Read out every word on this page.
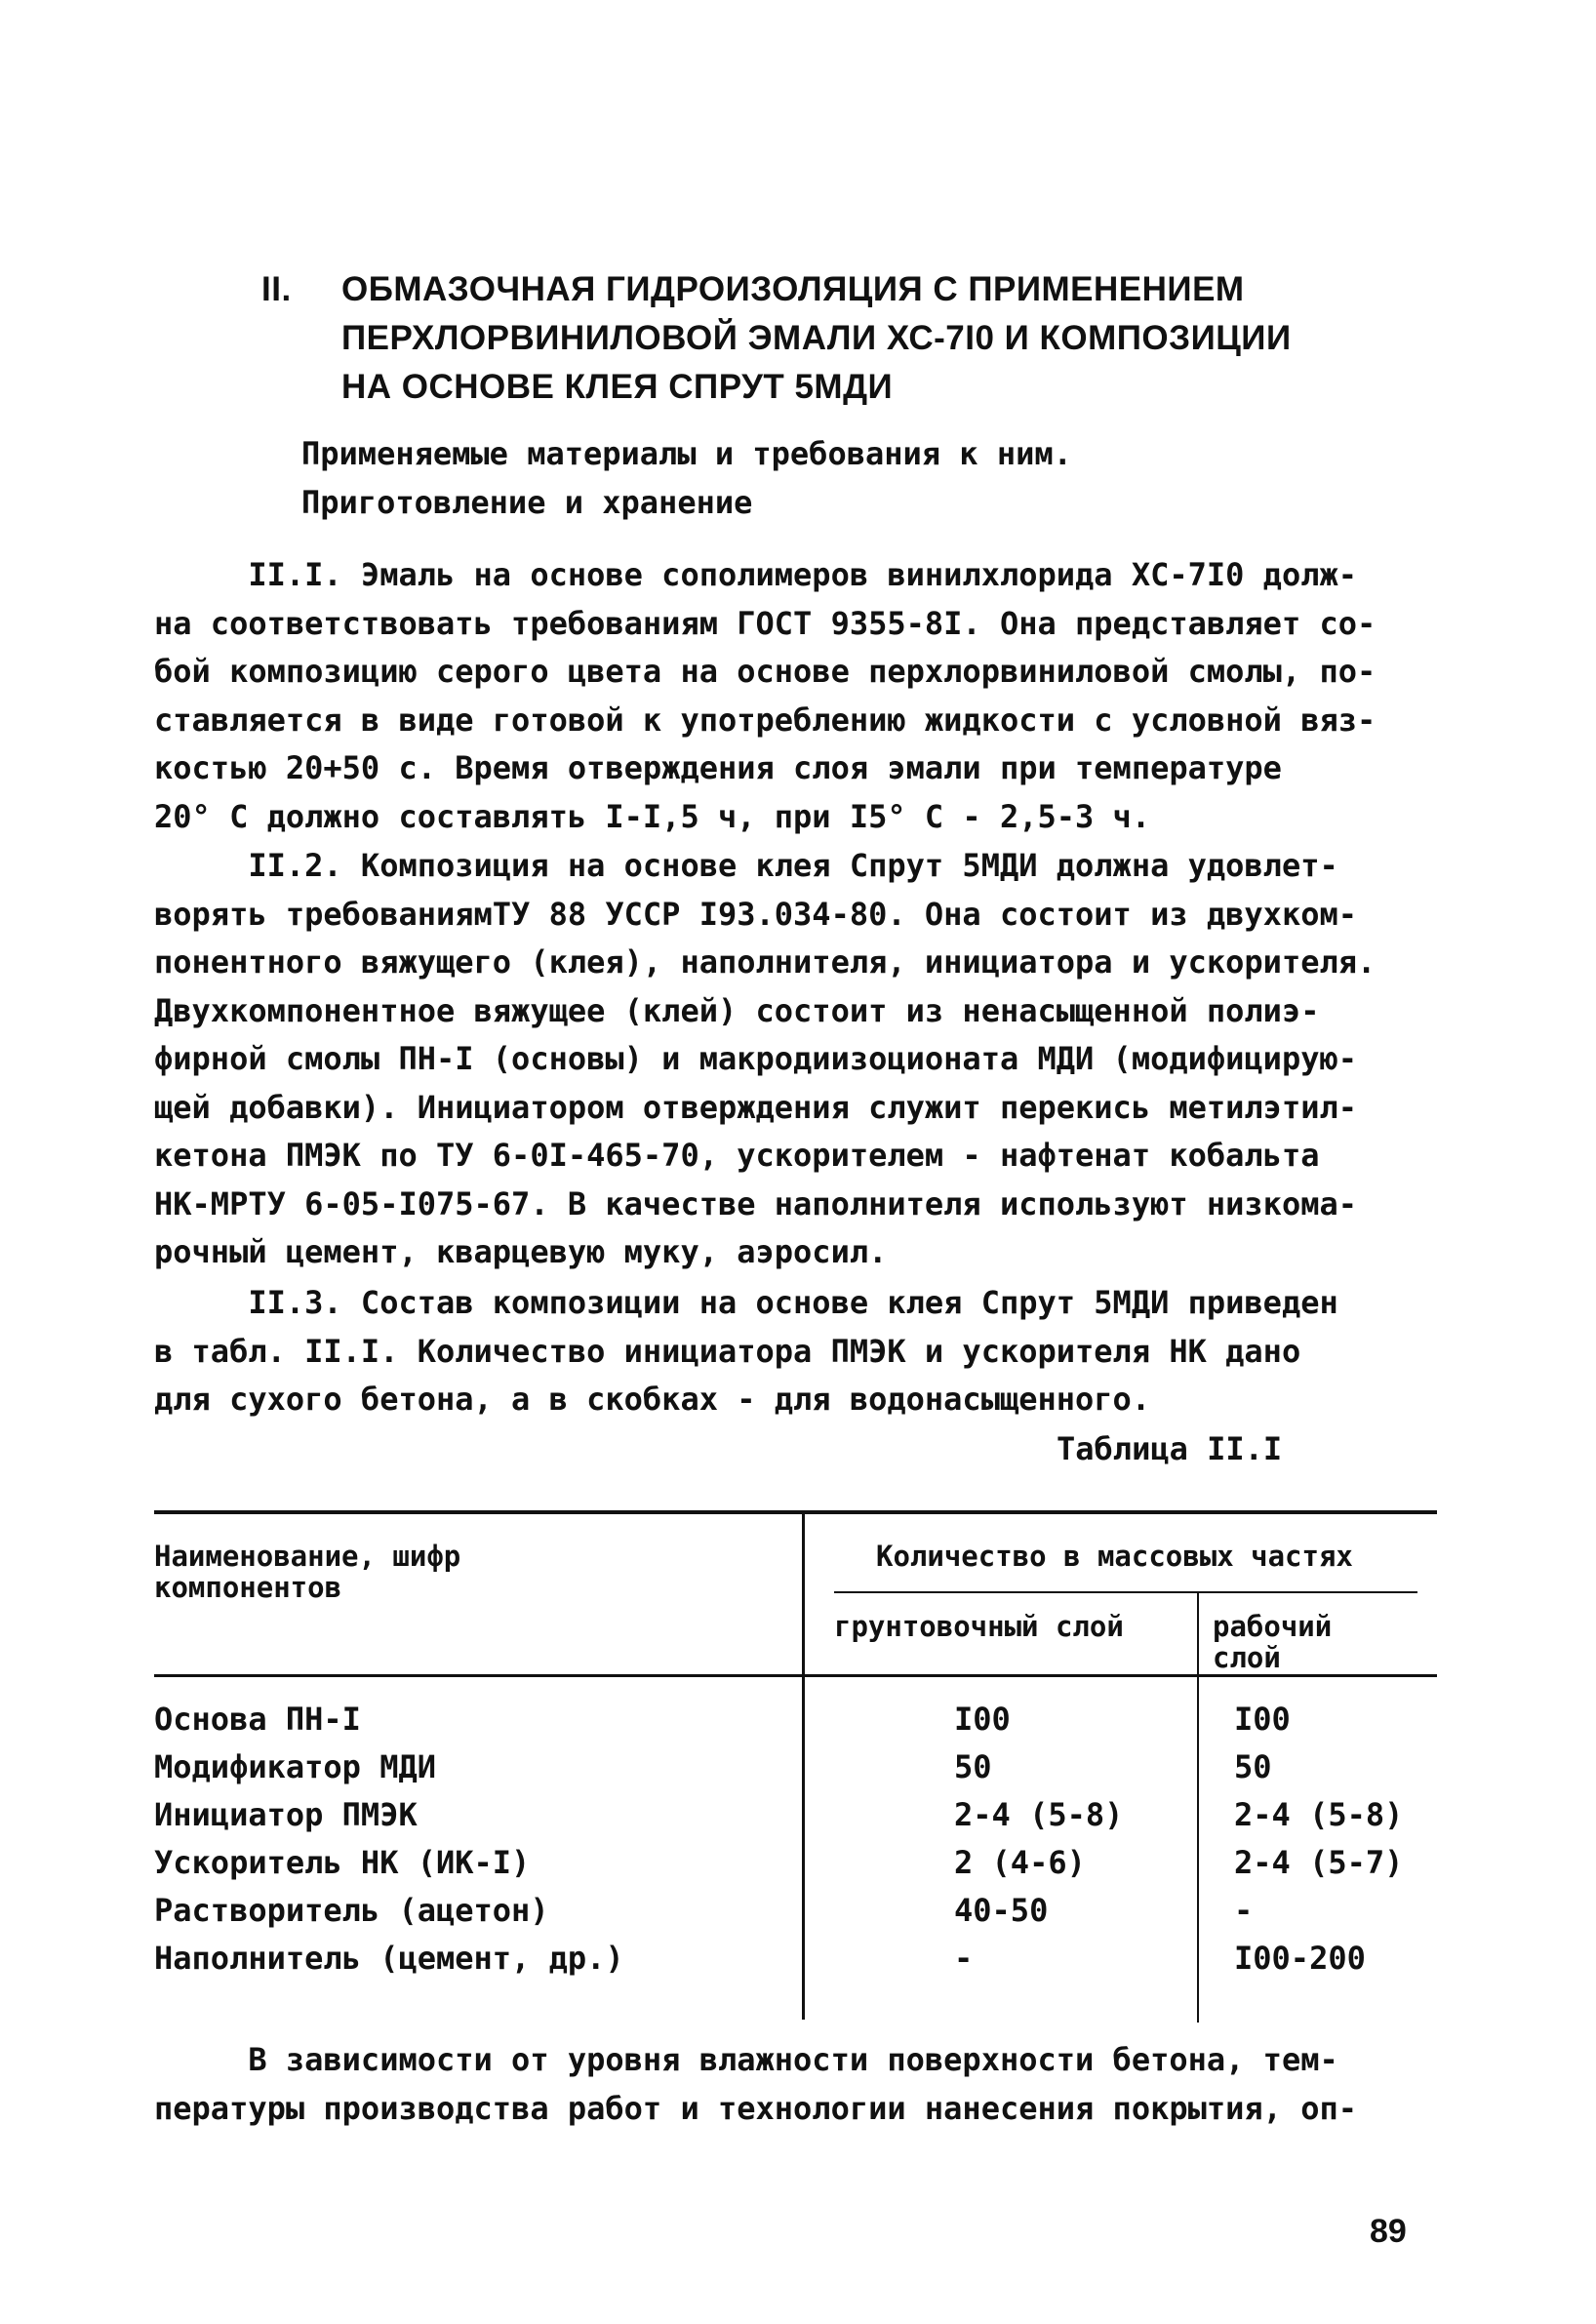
II. ОБМАЗОЧНАЯ ГИДРОИЗОЛЯЦИЯ С ПРИМЕНЕНИЕМ
ПЕРХЛОРВИНИЛОВОЙ ЭМАЛИ ХС-7I0 И КОМПОЗИЦИИ
НА ОСНОВЕ КЛЕЯ СПРУТ 5МДИ
Применяемые материалы и требования к ним.
Приготовление и хранение
II.I. Эмаль на основе сополимеров винилхлорида ХС-7I0 долж-
на соответствовать требованиям ГОСТ 9355-8I. Она представляет со-
бой композицию серого цвета на основе перхлорвиниловой смолы, по-
ставляется в виде готовой к употреблению жидкости с условной вяз-
костью 20+50 с. Время отверждения слоя эмали при температуре
20° С должно составлять I-I,5 ч, при I5° С - 2,5-3 ч.
II.2. Композиция на основе клея Спрут 5МДИ должна удовлет-
ворять требованиямТУ 88 УССР I93.034-80. Она состоит из двухком-
понентного вяжущего (клея), наполнителя, инициатора и ускорителя.
Двухкомпонентное вяжущее (клей) состоит из ненасыщенной полиэ-
фирной смолы ПН-I (основы) и макродиизоционата МДИ (модифицирую-
щей добавки). Инициатором отверждения служит перекись метилэтил-
кетона ПМЭК по ТУ 6-0I-465-70, ускорителем - нафтенат кобальта
НК-МРТУ 6-05-I075-67. В качестве наполнителя используют низкома-
рочный цемент, кварцевую муку, аэросил.
II.3. Состав композиции на основе клея Спрут 5МДИ приведен
в табл. II.I. Количество инициатора ПМЭК и ускорителя НК дано
для сухого бетона, а в скобках - для водонасыщенного.
Таблица II.I
Наименование, шифр
компонентов
Количество в массовых частях
грунтовочный слой	рабочий
слой
Основа ПН-I	I00	I00
Модификатор МДИ	50	50
Инициатор ПМЭК	2-4 (5-8)	2-4 (5-8)
Ускоритель НК (ИК-I)	2 (4-6)	2-4 (5-7)
Растворитель (ацетон)	40-50	-
Наполнитель (цемент, др.)	-	I00-200
В зависимости от уровня влажности поверхности бетона, тем-
пературы производства работ и технологии нанесения покрытия, оп-
89
